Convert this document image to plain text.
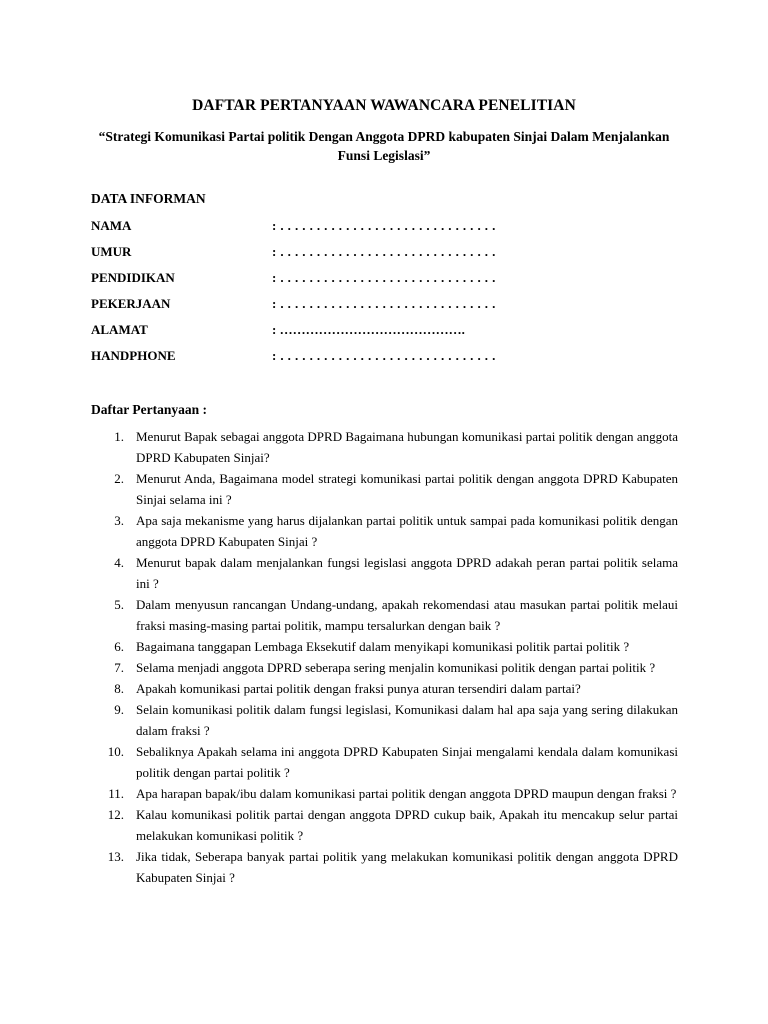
DAFTAR PERTANYAAN WAWANCARA PENELITIAN
“Strategi Komunikasi Partai politik Dengan Anggota DPRD kabupaten Sinjai Dalam Menjalankan Funsi Legislasi”
DATA INFORMAN
NAMA	: . . . . . . . . . . . . . . . . . . . . . . . . . . . . . .
UMUR	: . . . . . . . . . . . . . . . . . . . . . . . . . . . . . .
PENDIDIKAN	: . . . . . . . . . . . . . . . . . . . . . . . . . . . . . .
PEKERJAAN	: . . . . . . . . . . . . . . . . . . . . . . . . . . . . . .
ALAMAT	: …………………………………….
HANDPHONE	: . . . . . . . . . . . . . . . . . . . . . . . . . . . . . .
Daftar Pertanyaan :
1. Menurut Bapak sebagai anggota DPRD Bagaimana hubungan komunikasi partai politik dengan anggota DPRD Kabupaten Sinjai?
2. Menurut Anda, Bagaimana model strategi komunikasi partai politik dengan anggota DPRD Kabupaten Sinjai selama ini ?
3. Apa saja mekanisme yang harus dijalankan partai politik untuk sampai pada komunikasi politik dengan anggota DPRD Kabupaten Sinjai ?
4. Menurut bapak dalam menjalankan fungsi legislasi anggota DPRD adakah peran partai politik selama ini ?
5. Dalam menyusun rancangan Undang-undang, apakah rekomendasi atau masukan partai politik melaui fraksi masing-masing partai politik, mampu tersalurkan dengan baik ?
6. Bagaimana tanggapan Lembaga Eksekutif dalam menyikapi komunikasi politik partai politik ?
7. Selama menjadi anggota DPRD seberapa sering menjalin komunikasi politik dengan partai politik ?
8. Apakah komunikasi partai politik dengan fraksi punya aturan tersendiri dalam partai?
9. Selain komunikasi politik dalam fungsi legislasi, Komunikasi dalam hal apa saja yang sering dilakukan dalam fraksi ?
10. Sebaliknya Apakah selama ini anggota DPRD Kabupaten Sinjai mengalami kendala dalam komunikasi politik dengan partai politik ?
11. Apa harapan bapak/ibu dalam komunikasi partai politik dengan anggota DPRD maupun dengan fraksi ?
12. Kalau komunikasi politik partai dengan anggota DPRD cukup baik, Apakah itu mencakup selur partai melakukan komunikasi politik ?
13. Jika tidak, Seberapa banyak partai politik yang melakukan komunikasi politik dengan anggota DPRD Kabupaten Sinjai ?
